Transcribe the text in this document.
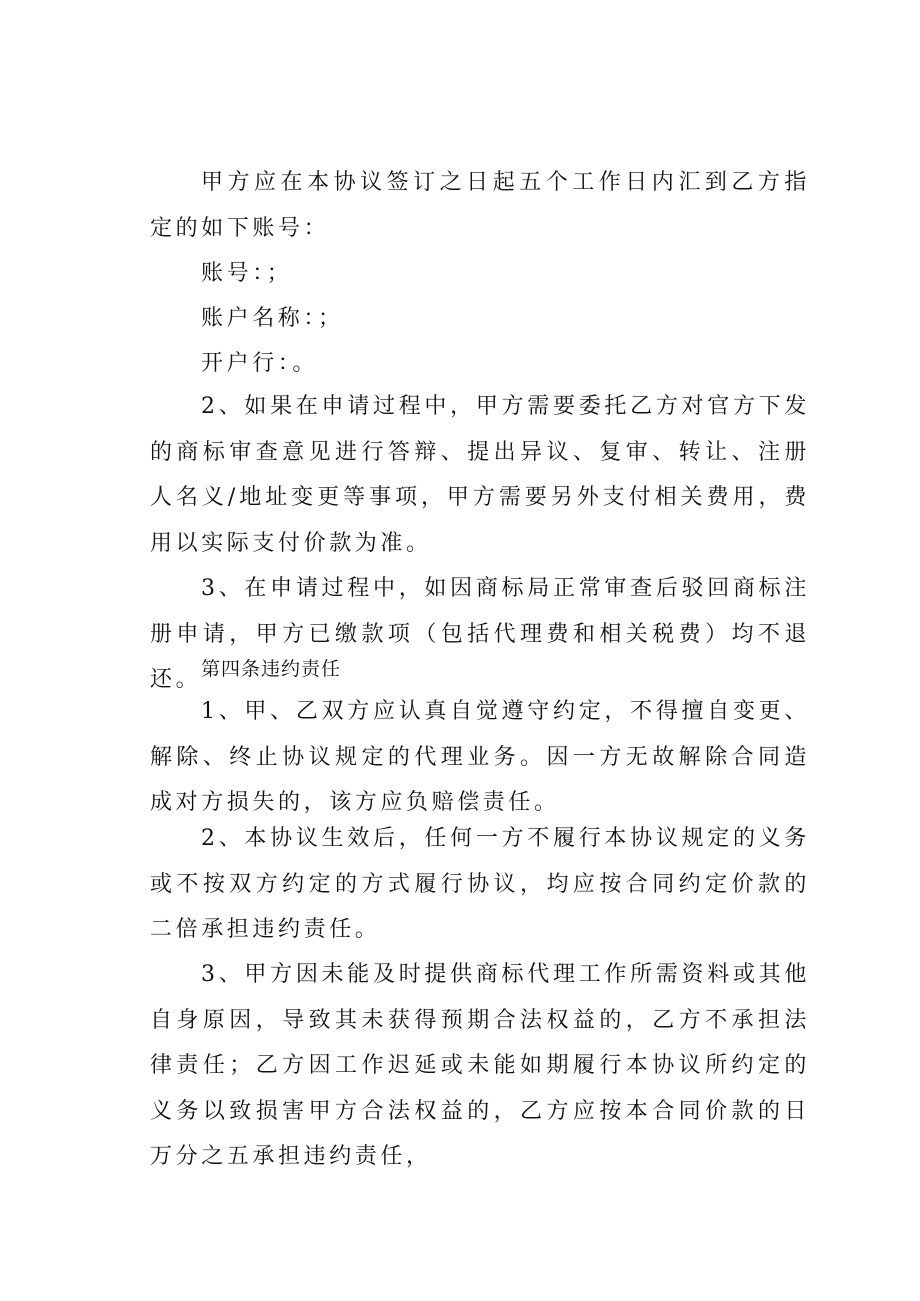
甲方应在本协议签订之日起五个工作日内汇到乙方指定的如下账号：

账号：；

账户名称：；

开户行：。

2、如果在申请过程中，甲方需要委托乙方对官方下发的商标审查意见进行答辩、提出异议、复审、转让、注册人名义/地址变更等事项，甲方需要另外支付相关费用，费用以实际支付价款为准。

3、在申请过程中，如因商标局正常审查后驳回商标注册申请，甲方已缴款项（包括代理费和相关税费）均不退还。 第四条违约责任

1、甲、乙双方应认真自觉遵守约定，不得擅自变更、解除、终止协议规定的代理业务。因一方无故解除合同造成对方损失的，该方应负赔偿责任。

2、本协议生效后，任何一方不履行本协议规定的义务或不按双方约定的方式履行协议，均应按合同约定价款的二倍承担违约责任。

3、甲方因未能及时提供商标代理工作所需资料或其他自身原因，导致其未获得预期合法权益的，乙方不承担法律责任；乙方因工作迟延或未能如期履行本协议所约定的义务以致损害甲方合法权益的，乙方应按本合同价款的日万分之五承担违约责任，
